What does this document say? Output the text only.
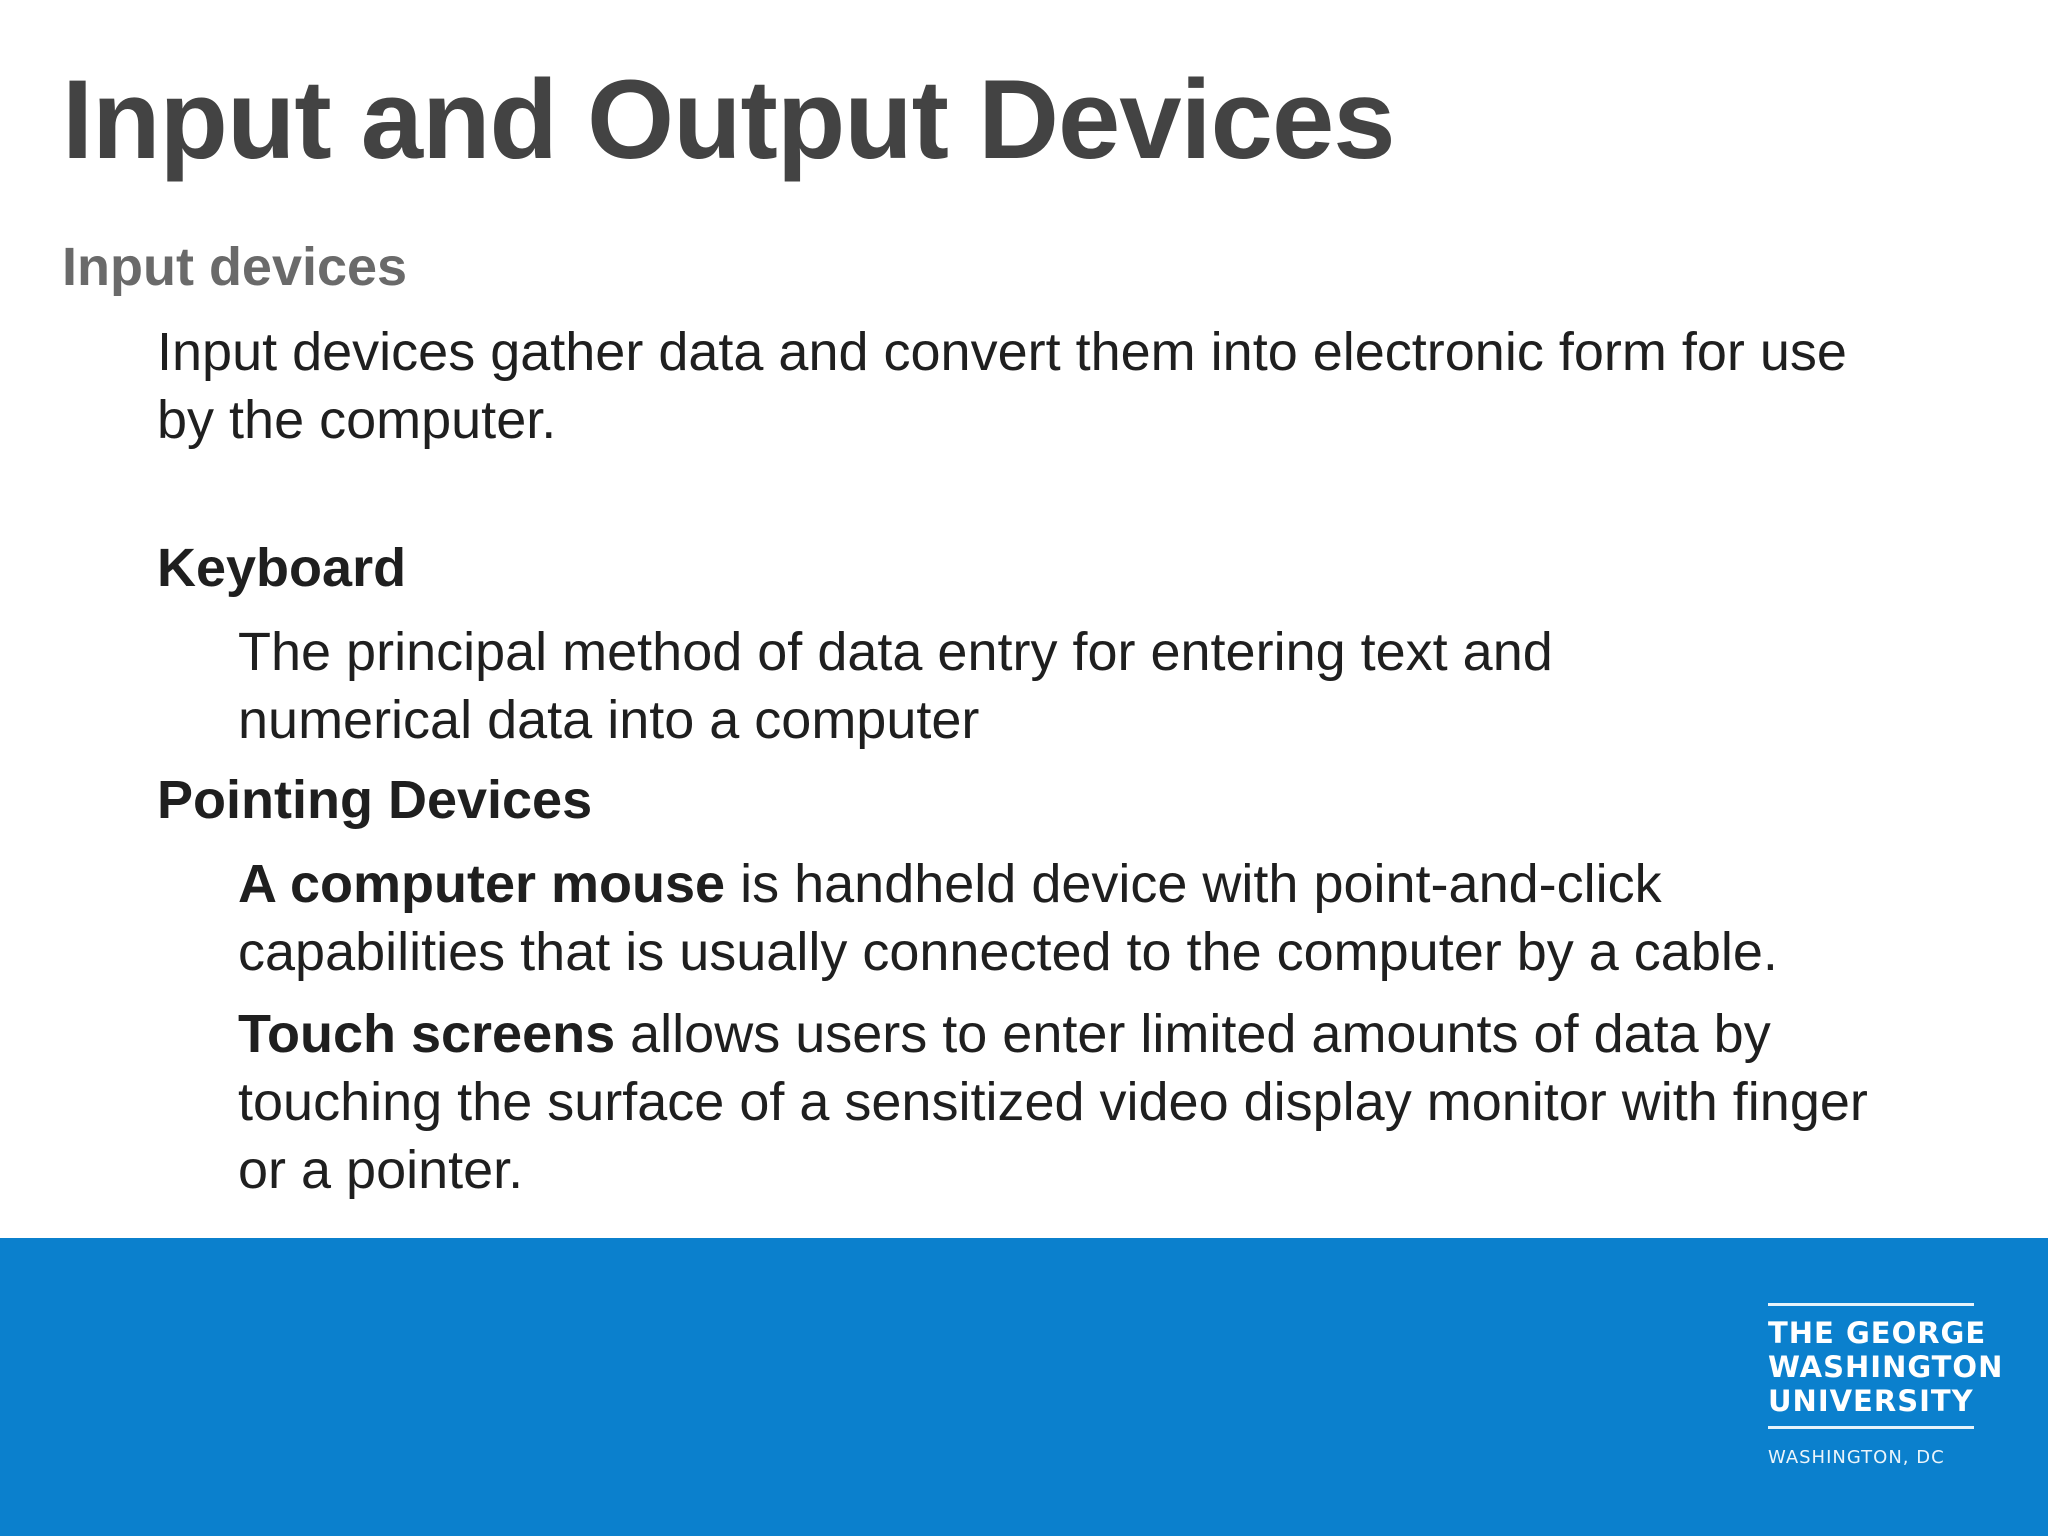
Input and Output Devices
Input devices

Input devices gather data and convert them into electronic form for use by the computer.

Keyboard

The principal method of data entry for entering text and numerical data into a computer

Pointing Devices

A computer mouse is handheld device with point-and-click capabilities that is usually connected to the computer by a cable.

Touch screens allows users to enter limited amounts of data by touching the surface of a sensitized video display monitor with finger or a pointer.

THE GEORGE
WASHINGTON
UNIVERSITY
WASHINGTON, DC
